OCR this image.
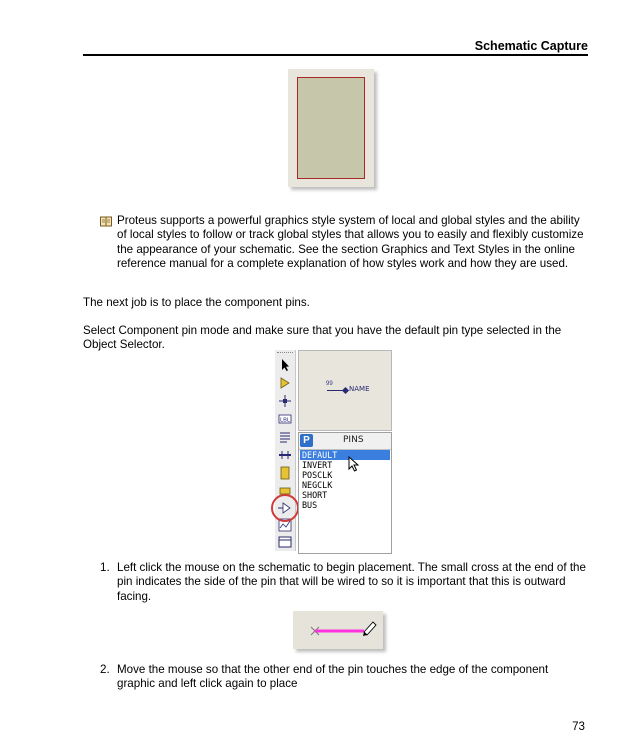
Schematic Capture
Proteus supports a powerful graphics style system of local and global styles and the ability of local styles to follow or track global styles that allows you to easily and flexibly customize the appearance of your schematic. See the section Graphics and Text Styles in the online reference manual for a complete explanation of how styles work and how they are used.
The next job is to place the component pins.
Select Component pin mode and make sure that you have the default pin type selected in the Object Selector.
LBL
99
NAME
P	PINS
DEFAULT
INVERT
POSCLK
NEGCLK
SHORT
BUS
1. Left click the mouse on the schematic to begin placement. The small cross at the end of the pin indicates the side of the pin that will be wired to so it is important that this is outward facing.
2. Move the mouse so that the other end of the pin touches the edge of the component graphic and left click again to place
73
